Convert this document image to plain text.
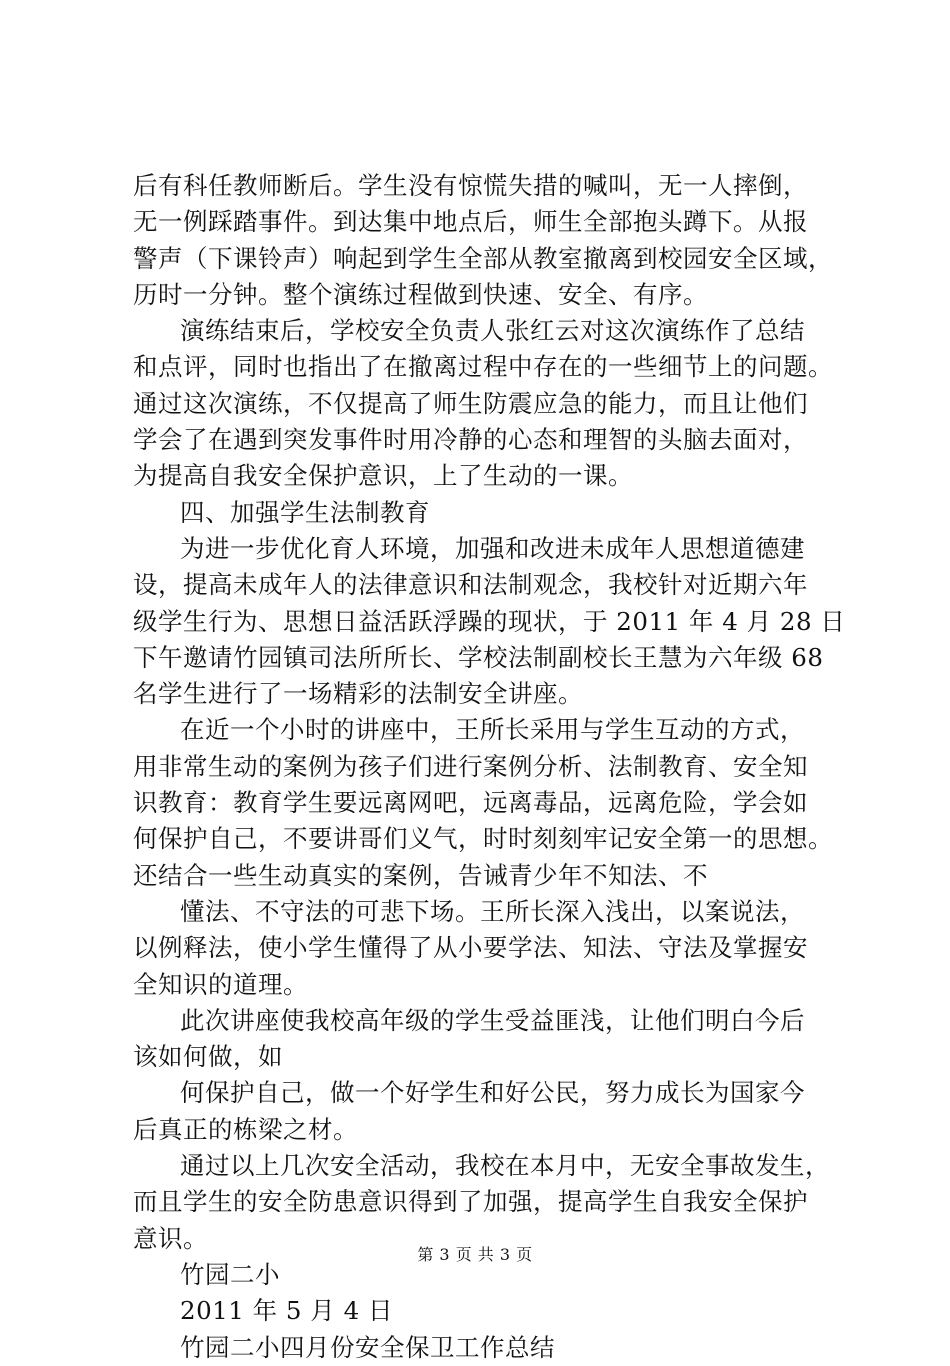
后有科任教师断后。学生没有惊慌失措的喊叫，无一人摔倒，
无一例踩踏事件。到达集中地点后，师生全部抱头蹲下。从报
警声（下课铃声）响起到学生全部从教室撤离到校园安全区域，
历时一分钟。整个演练过程做到快速、安全、有序。
演练结束后，学校安全负责人张红云对这次演练作了总结
和点评，同时也指出了在撤离过程中存在的一些细节上的问题。
通过这次演练，不仅提高了师生防震应急的能力，而且让他们
学会了在遇到突发事件时用冷静的心态和理智的头脑去面对，
为提高自我安全保护意识，上了生动的一课。
四、加强学生法制教育
为进一步优化育人环境，加强和改进未成年人思想道德建
设，提高未成年人的法律意识和法制观念，我校针对近期六年
级学生行为、思想日益活跃浮躁的现状，于 2011 年 4 月 28 日
下午邀请竹园镇司法所所长、学校法制副校长王慧为六年级 68
名学生进行了一场精彩的法制安全讲座。
在近一个小时的讲座中，王所长采用与学生互动的方式，
用非常生动的案例为孩子们进行案例分析、法制教育、安全知
识教育：教育学生要远离网吧，远离毒品，远离危险，学会如
何保护自己，不要讲哥们义气，时时刻刻牢记安全第一的思想。
还结合一些生动真实的案例，告诫青少年不知法、不
懂法、不守法的可悲下场。王所长深入浅出，以案说法，
以例释法，使小学生懂得了从小要学法、知法、守法及掌握安
全知识的道理。
此次讲座使我校高年级的学生受益匪浅，让他们明白今后
该如何做，如
何保护自己，做一个好学生和好公民，努力成长为国家今
后真正的栋梁之材。
通过以上几次安全活动，我校在本月中，无安全事故发生，
而且学生的安全防患意识得到了加强，提高学生自我安全保护
意识。
竹园二小
2011 年 5 月 4 日
竹园二小四月份安全保卫工作总结
第 3 页 共 3 页
